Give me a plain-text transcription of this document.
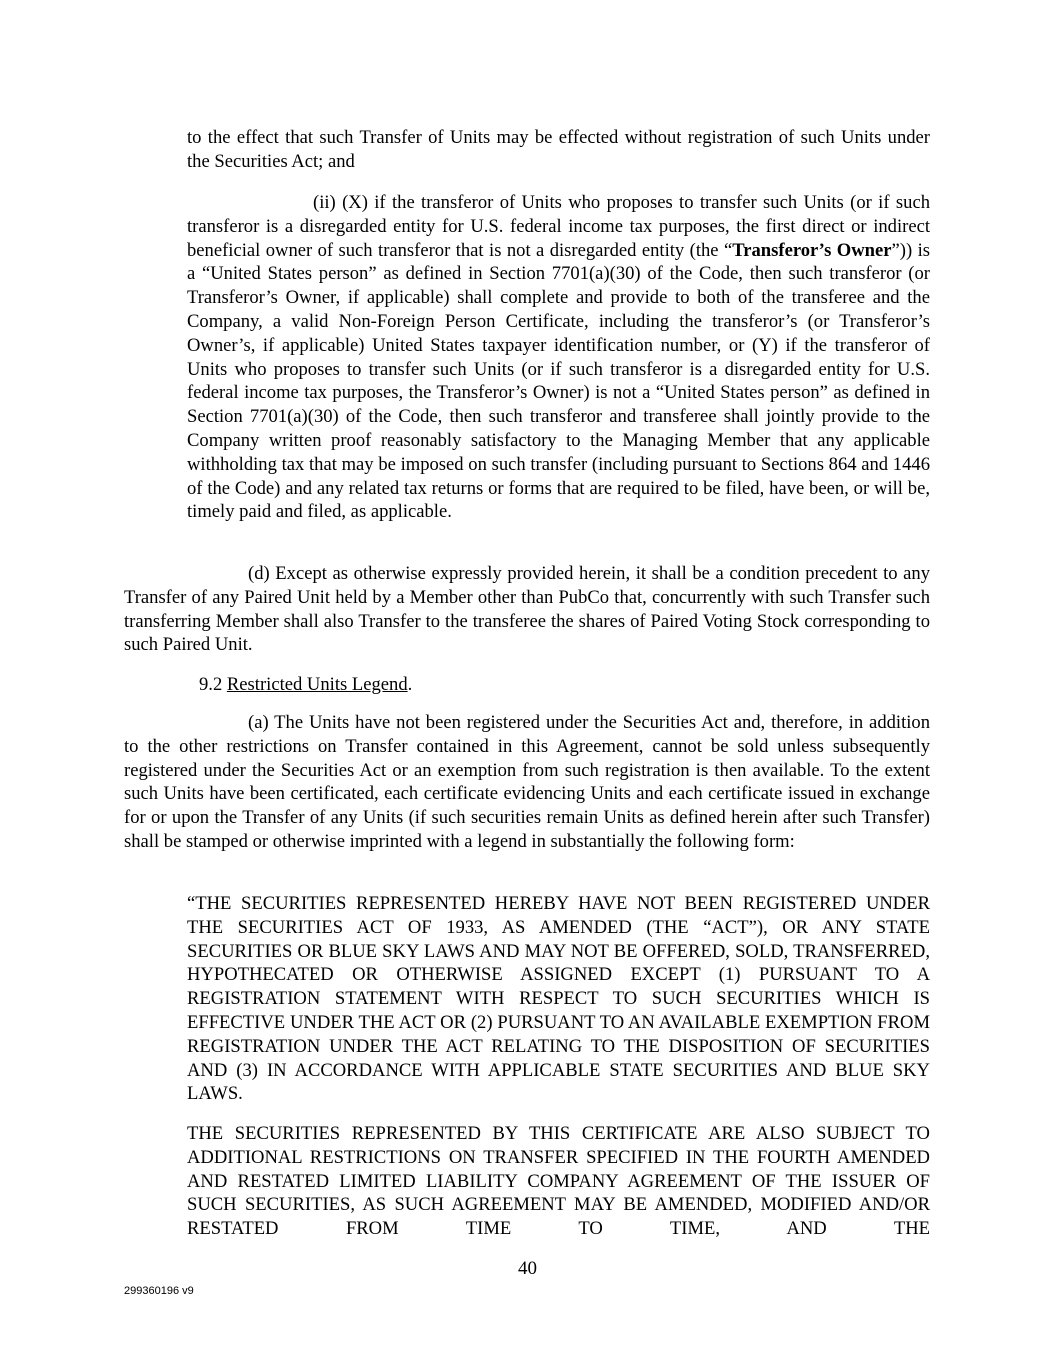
to the effect that such Transfer of Units may be effected without registration of such Units under the Securities Act; and

(ii) (X) if the transferor of Units who proposes to transfer such Units (or if such transferor is a disregarded entity for U.S. federal income tax purposes, the first direct or indirect beneficial owner of such transferor that is not a disregarded entity (the “Transferor’s Owner”)) is a “United States person” as defined in Section 7701(a)(30) of the Code, then such transferor (or Transferor’s Owner, if applicable) shall complete and provide to both of the transferee and the Company, a valid Non-Foreign Person Certificate, including the transferor’s (or Transferor’s Owner’s, if applicable) United States taxpayer identification number, or (Y) if the transferor of Units who proposes to transfer such Units (or if such transferor is a disregarded entity for U.S. federal income tax purposes, the Transferor’s Owner) is not a “United States person” as defined in Section 7701(a)(30) of the Code, then such transferor and transferee shall jointly provide to the Company written proof reasonably satisfactory to the Managing Member that any applicable withholding tax that may be imposed on such transfer (including pursuant to Sections 864 and 1446 of the Code) and any related tax returns or forms that are required to be filed, have been, or will be, timely paid and filed, as applicable.

(d) Except as otherwise expressly provided herein, it shall be a condition precedent to any Transfer of any Paired Unit held by a Member other than PubCo that, concurrently with such Transfer such transferring Member shall also Transfer to the transferee the shares of Paired Voting Stock corresponding to such Paired Unit.

9.2 Restricted Units Legend.

(a) The Units have not been registered under the Securities Act and, therefore, in addition to the other restrictions on Transfer contained in this Agreement, cannot be sold unless subsequently registered under the Securities Act or an exemption from such registration is then available. To the extent such Units have been certificated, each certificate evidencing Units and each certificate issued in exchange for or upon the Transfer of any Units (if such securities remain Units as defined herein after such Transfer) shall be stamped or otherwise imprinted with a legend in substantially the following form:

“THE SECURITIES REPRESENTED HEREBY HAVE NOT BEEN REGISTERED UNDER THE SECURITIES ACT OF 1933, AS AMENDED (THE “ACT”), OR ANY STATE SECURITIES OR BLUE SKY LAWS AND MAY NOT BE OFFERED, SOLD, TRANSFERRED, HYPOTHECATED OR OTHERWISE ASSIGNED EXCEPT (1) PURSUANT TO A REGISTRATION STATEMENT WITH RESPECT TO SUCH SECURITIES WHICH IS EFFECTIVE UNDER THE ACT OR (2) PURSUANT TO AN AVAILABLE EXEMPTION FROM REGISTRATION UNDER THE ACT RELATING TO THE DISPOSITION OF SECURITIES AND (3) IN ACCORDANCE WITH APPLICABLE STATE SECURITIES AND BLUE SKY LAWS.

THE SECURITIES REPRESENTED BY THIS CERTIFICATE ARE ALSO SUBJECT TO ADDITIONAL RESTRICTIONS ON TRANSFER SPECIFIED IN THE FOURTH AMENDED AND RESTATED LIMITED LIABILITY COMPANY AGREEMENT OF THE ISSUER OF SUCH SECURITIES, AS SUCH AGREEMENT MAY BE AMENDED, MODIFIED AND/OR RESTATED FROM TIME TO TIME, AND THE

40
299360196 v9
